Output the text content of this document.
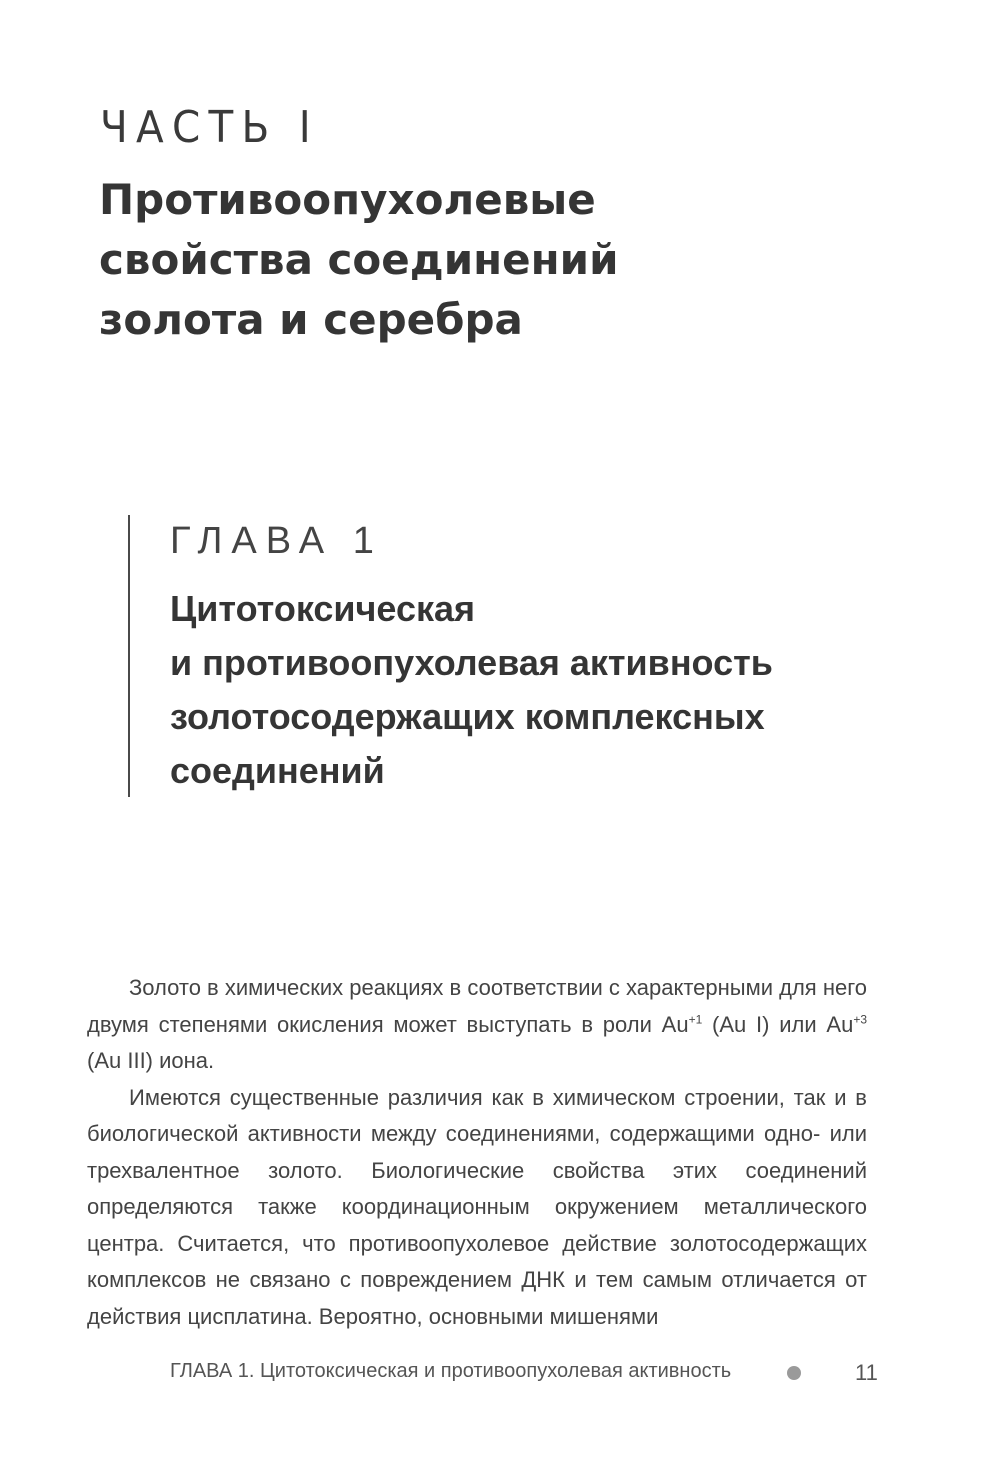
ЧАСТЬ I
Противоопухолевые
свойства соединений
золота и серебра
ГЛАВА 1
Цитотоксическая
и противоопухолевая активность
золотосодержащих комплексных
соединений

Золото в химических реакциях в соответствии с характерными для него двумя степенями окисления может выступать в роли $Au^{+1}$ (Au I) или $Au^{+3}$ (Au III) иона.

Имеются существенные различия как в химическом строении, так и в биологической активности между соединениями, содержащими одно- или трехвалентное золото. Биологические свойства этих соединений определяются также координационным окружением металлического центра. Считается, что противоопухолевое действие золотосодержащих комплексов не связано с повреждением ДНК и тем самым отличается от действия цисплатина. Вероятно, основными мишенями

ГЛАВА 1. Цитотоксическая и противоопухолевая активность	11
